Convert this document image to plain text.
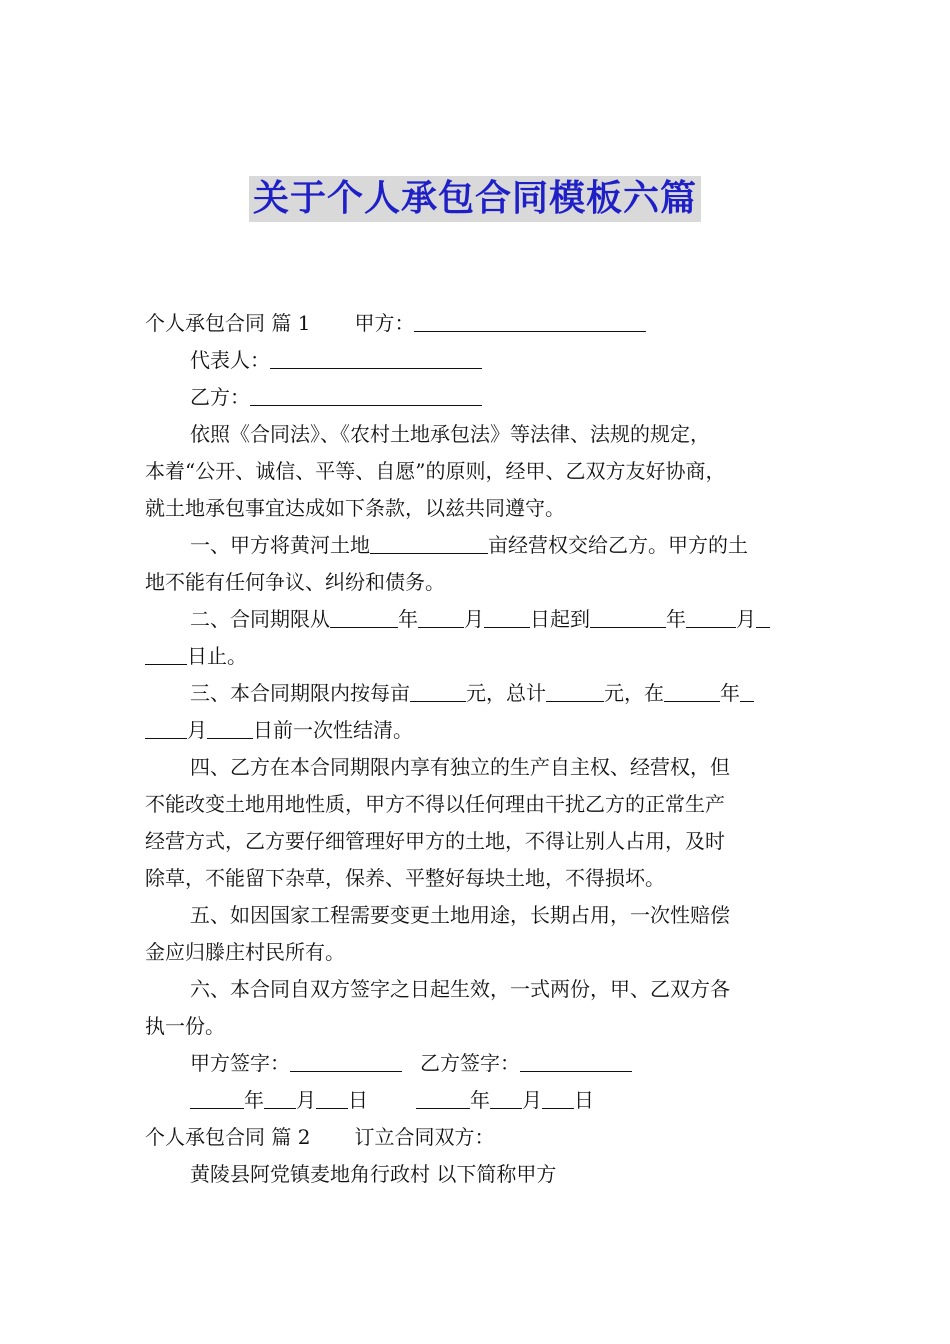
关于个人承包合同模板六篇

个人承包合同 篇 1 甲方：

代表人：

乙方：

依照《合同法》、《农村土地承包法》等法律、法规的规定，

本着“公开、诚信、平等、自愿”的原则，经甲、乙双方友好协商，

就土地承包事宜达成如下条款，以兹共同遵守。

一、甲方将黄河土地	亩经营权交给乙方。甲方的土

地不能有任何争议、纠纷和债务。

二、合同期限从	年 月 日起到	年	月

日止。

三、本合同期限内按每亩	元，总计	元，在	年

月 日前一次性结清。

四、乙方在本合同期限内享有独立的生产自主权、经营权，但

不能改变土地用地性质，甲方不得以任何理由干扰乙方的正常生产

经营方式，乙方要仔细管理好甲方的土地，不得让别人占用，及时

除草，不能留下杂草，保养、平整好每块土地，不得损坏。

五、如因国家工程需要变更土地用途，长期占用，一次性赔偿

金应归滕庄村民所有。

六、本合同自双方签字之日起生效，一式两份，甲、乙双方各

执一份。

甲方签字：	乙方签字：

年 月 日	年 月 日

个人承包合同 篇 2 订立合同双方：

黄陵县阿党镇麦地角行政村 以下简称甲方
